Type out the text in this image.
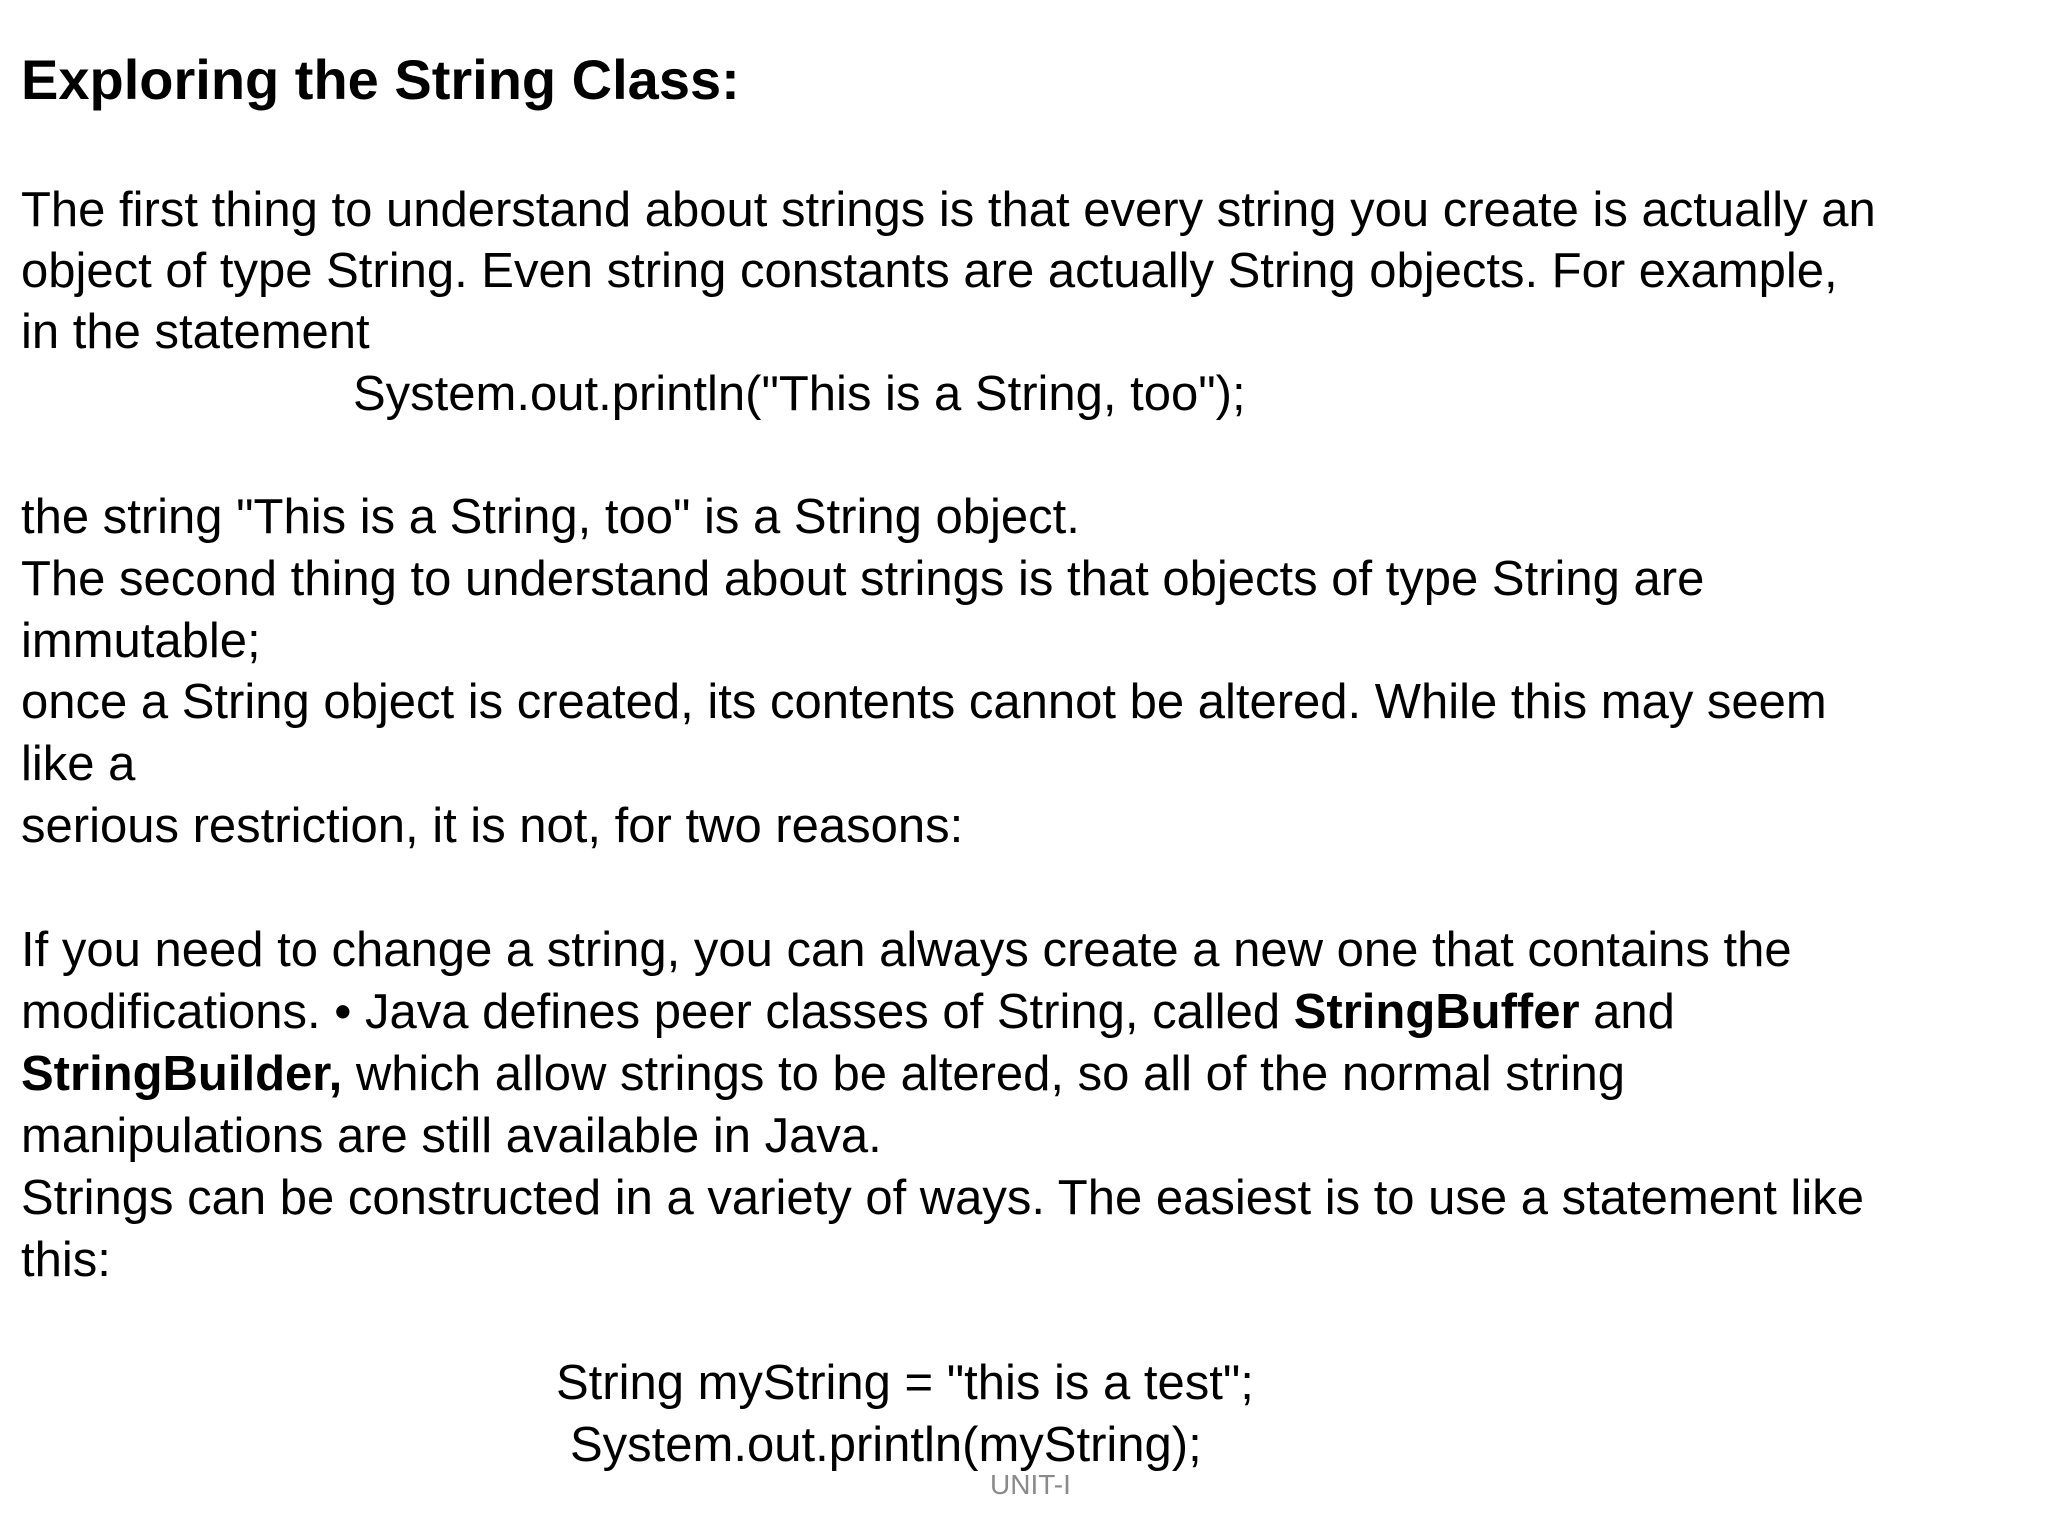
Exploring the String Class:

The first thing to understand about strings is that every string you create is actually an

object of type String. Even string constants are actually String objects. For example,

in the statement

System.out.println("This is a String, too");

the string "This is a String, too" is a String object.

The second thing to understand about strings is that objects of type String are

immutable;

once a String object is created, its contents cannot be altered. While this may seem

like a

serious restriction, it is not, for two reasons:

If you need to change a string, you can always create a new one that contains the

modifications. • Java defines peer classes of String, called StringBuffer and

StringBuilder, which allow strings to be altered, so all of the normal string

manipulations are still available in Java.

Strings can be constructed in a variety of ways. The easiest is to use a statement like

this:

String myString = "this is a test";

System.out.println(myString);

UNIT-I
